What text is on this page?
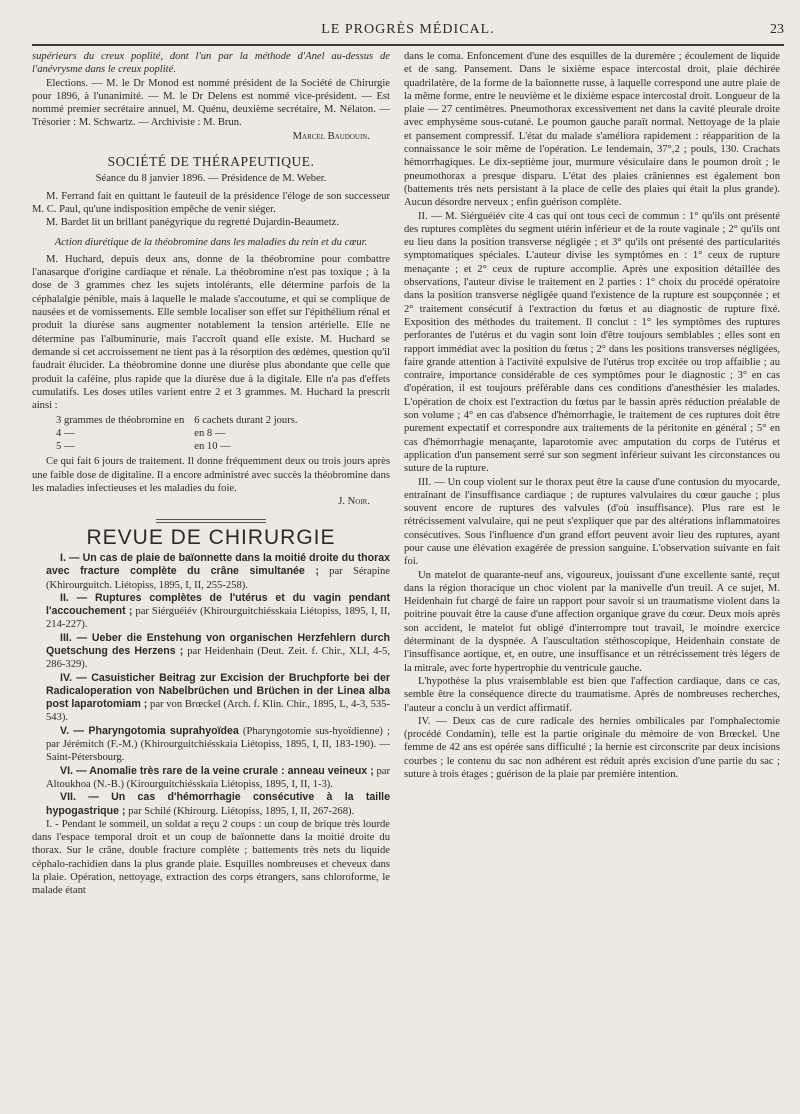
LE PROGRÈS MÉDICAL.	23

supérieurs du creux poplité, dont l'un par la méthode d'Anel au-dessus de l'anévrysme dans le creux poplité.

Elections. — M. le Dr Monod est nommé président de la Société de Chirurgie pour 1896, à l'unanimité. — M. le Dr Delens est nommé vice-président. — Est nommé premier secrétaire annuel, M. Quénu, deuxième secrétaire, M. Nélaton. — Trésorier : M. Schwartz. — Archiviste : M. Brun.

Marcel Baudouin.

SOCIÉTÉ DE THÉRAPEUTIQUE.
Séance du 8 janvier 1896. — Présidence de M. Weber.

M. Ferrand fait en quittant le fauteuil de la présidence l'éloge de son successeur M. C. Paul, qu'une indisposition empêche de venir siéger.

M. Bardet lit un brillant panégyrique du regretté Dujardin-Beaumetz.

Action diurétique de la théobromine dans les maladies du rein et du cœur.

M. Huchard, depuis deux ans, donne de la théobromine pour combattre l'anasarque d'origine cardiaque et rénale. La théobromine n'est pas toxique ; à la dose de 3 grammes chez les sujets intolérants, elle détermine parfois de la céphalalgie pénible, mais à laquelle le malade s'accoutume, et qui se complique de nausées et de vomissements. Elle semble localiser son effet sur l'épithélium rénal et produit la diurèse sans augmenter notablement la tension artérielle. Elle ne détermine pas l'albuminurie, mais l'accroît quand elle existe. M. Huchard se demande si cet accroissement ne tient pas à la résorption des œdèmes, question qu'il faudrait élucider. La théobromine donne une diurèse plus abondante que celle que produit la caféine, plus rapide que la diurèse due à la digitale. Elle n'a pas d'effets cumulatifs. Les doses utiles varient entre 2 et 3 grammes. M. Huchard la prescrit ainsi :

3 grammes de théobromine en	6 cachets durant 2 jours.
4 —	en 8 —
5 —	en 10 —

Ce qui fait 6 jours de traitement. Il donne fréquemment deux ou trois jours après une faible dose de digitaline. Il a encore administré avec succès la théobromine dans les maladies infectieuses et les maladies du foie.

J. Noir.

REVUE DE CHIRURGIE

I. — Un cas de plaie de baïonnette dans la moitié droite du thorax avec fracture complète du crâne simultanée ; par Sérapine (Khirourguitch. Liétopiss, 1895, I, II, 255-258).

II. — Ruptures complètes de l'utérus et du vagin pendant l'accouchement ; par Siérguéiév (Khirourguitchiésskaia Liétopiss, 1895, I, II, 214-227).

III. — Ueber die Enstehung von organischen Herzfehlern durch Quetschung des Herzens ; par Heidenhain (Deut. Zeit. f. Chir., XLI, 4-5, 286-329).

IV. — Casuisticher Beitrag zur Excision der Bruchpforte bei der Radicaloperation von Nabelbrüchen und Brüchen in der Linea alba post laparotomiam ; par von Brœckel (Arch. f. Klin. Chir., 1895, L, 4-3, 535-543).

V. — Pharyngotomia suprahyoïdea (Pharyngotomie sus-hyoïdienne) ; par Jérémitch (F.-M.) (Khirourguitchiésskaia Liétopiss, 1895, I, II, 183-190). — Saint-Pétersbourg.

VI. — Anomalie très rare de la veine crurale : anneau veineux ; par Altoukhoa (N.-B.) (Kirourguitchiésskaia Liétopiss, 1895, I, II, 1-3).

VII. — Un cas d'hémorrhagie consécutive à la taille hypogastrique ; par Schilé (Khirourg. Liétopiss, 1895, I, II, 267-268).

I. - Pendant le sommeil, un soldat a reçu 2 coups : un coup de brique très lourde dans l'espace temporal droit et un coup de baïonnette dans la moitié droite du thorax. Sur le crâne, double fracture complète ; battements très nets du liquide céphalo-rachidien dans la plus grande plaie. Esquilles nombreuses et cheveux dans la plaie. Opération, nettoyage, extraction des corps étrangers, sans chloroforme, le malade étant

dans le coma. Enfoncement d'une des esquilles de la duremère ; écoulement de liquide et de sang. Pansement. Dans le sixième espace intercostal droit, plaie déchirée quadrilatère, de la forme de la baïonnette russe, à laquelle correspond une autre plaie de la même forme, entre le neuvième et le dixième espace intercostal droit. Longueur de la plaie — 27 centimètres. Pneumothorax excessivement net dans la cavité pleurale droite avec emphysème sous-cutané. Le poumon gauche paraît normal. Nettoyage de la plaie et pansement compressif. L'état du malade s'améliora rapidement : réapparition de la connaissance le soir même de l'opération. Le lendemain, 37°,2 ; pouls, 130. Crachats hémorrhagiques. Le dix-septième jour, murmure vésiculaire dans le poumon droit ; le pneumothorax a presque disparu. L'état des plaies crâniennes est également bon (battements très nets persistant à la place de celle des plaies qui était la plus grande). Aucun désordre nerveux ; enfin guérison complète.

II. — M. Siérguéiév cite 4 cas qui ont tous ceci de commun : 1° qu'ils ont présenté des ruptures complètes du segment utérin inférieur et de la route vaginale ; 2° qu'ils ont eu lieu dans la position transverse négligée ; et 3° qu'ils ont présenté des particularités symptomatiques spéciales. L'auteur divise les symptômes en : 1° ceux de rupture menaçante ; et 2° ceux de rupture accomplie. Après une exposition détaillée des observations, l'auteur divise le traitement en 2 parties : 1° choix du procédé opératoire dans la position transverse négligée quand l'existence de la rupture est soupçonnée ; et 2° traitement consécutif à l'extraction du fœtus et au diagnostic de rupture fixé. Exposition des méthodes du traitement. Il conclut : 1° les symptômes des ruptures perforantes de l'utérus et du vagin sont loin d'être toujours semblables ; elles sont en rapport immédiat avec la position du fœtus ; 2° dans les positions transverses négligées, faire grande attention à l'activité expulsive de l'utérus trop excitée ou trop affaiblie ; au contraire, importance considérable de ces symptômes pour le diagnostic ; 3° en cas d'opération, il est toujours préférable dans ces conditions d'anesthésier les malades. L'opération de choix est l'extraction du fœtus par le bassin après réduction préalable de son volume ; 4° en cas d'absence d'hémorrhagie, le traitement de ces ruptures doit être purement expectatif et correspondre aux traitements de la péritonite en général ; 5° en cas d'hémorrhagie menaçante, laparotomie avec amputation du corps de l'utérus et application d'un pansement serré sur son segment inférieur suivant les circonstances ou suture de la rupture.

III. — Un coup violent sur le thorax peut être la cause d'une contusion du myocarde, entraînant de l'insuffisance cardiaque ; de ruptures valvulaires du cœur gauche ; plus souvent encore de ruptures des valvules (d'où insuffisance). Plus rare est le rétrécissement valvulaire, qui ne peut s'expliquer que par des altérations inflammatoires consécutives. Sous l'influence d'un grand effort peuvent avoir lieu des ruptures, ayant pour cause une élévation exagérée de pression sanguine. L'observation suivante en fait foi.

Un matelot de quarante-neuf ans, vigoureux, jouissant d'une excellente santé, reçut dans la région thoracique un choc violent par la manivelle d'un treuil. A ce sujet, M. Heidenhain fut chargé de faire un rapport pour savoir si un traumatisme violent dans la poitrine pouvait être la cause d'une affection organique grave du cœur. Deux mois après son accident, le matelot fut obligé d'interrompre tout travail, le moindre exercice déterminant de la dyspnée. A l'auscultation stéthoscopique, Heidenhain constate de l'insuffisance aortique, et, en outre, une insuffisance et un rétrécissement très légers de la mitrale, avec forte hypertrophie du ventricule gauche.

L'hypothèse la plus vraisemblable est bien que l'affection cardiaque, dans ce cas, semble être la conséquence directe du traumatisme. Après de nombreuses recherches, l'auteur a conclu à un verdict affirmatif.

IV. — Deux cas de cure radicale des hernies ombilicales par l'omphalectomie (procédé Condamin), telle est la partie originale du mémoire de von Brœckel. Une femme de 42 ans est opérée sans difficulté ; la hernie est circonscrite par deux incisions courbes ; le contenu du sac non adhérent est réduit après excision d'une partie du sac ; suture à trois étages ; guérison de la plaie par première intention.
